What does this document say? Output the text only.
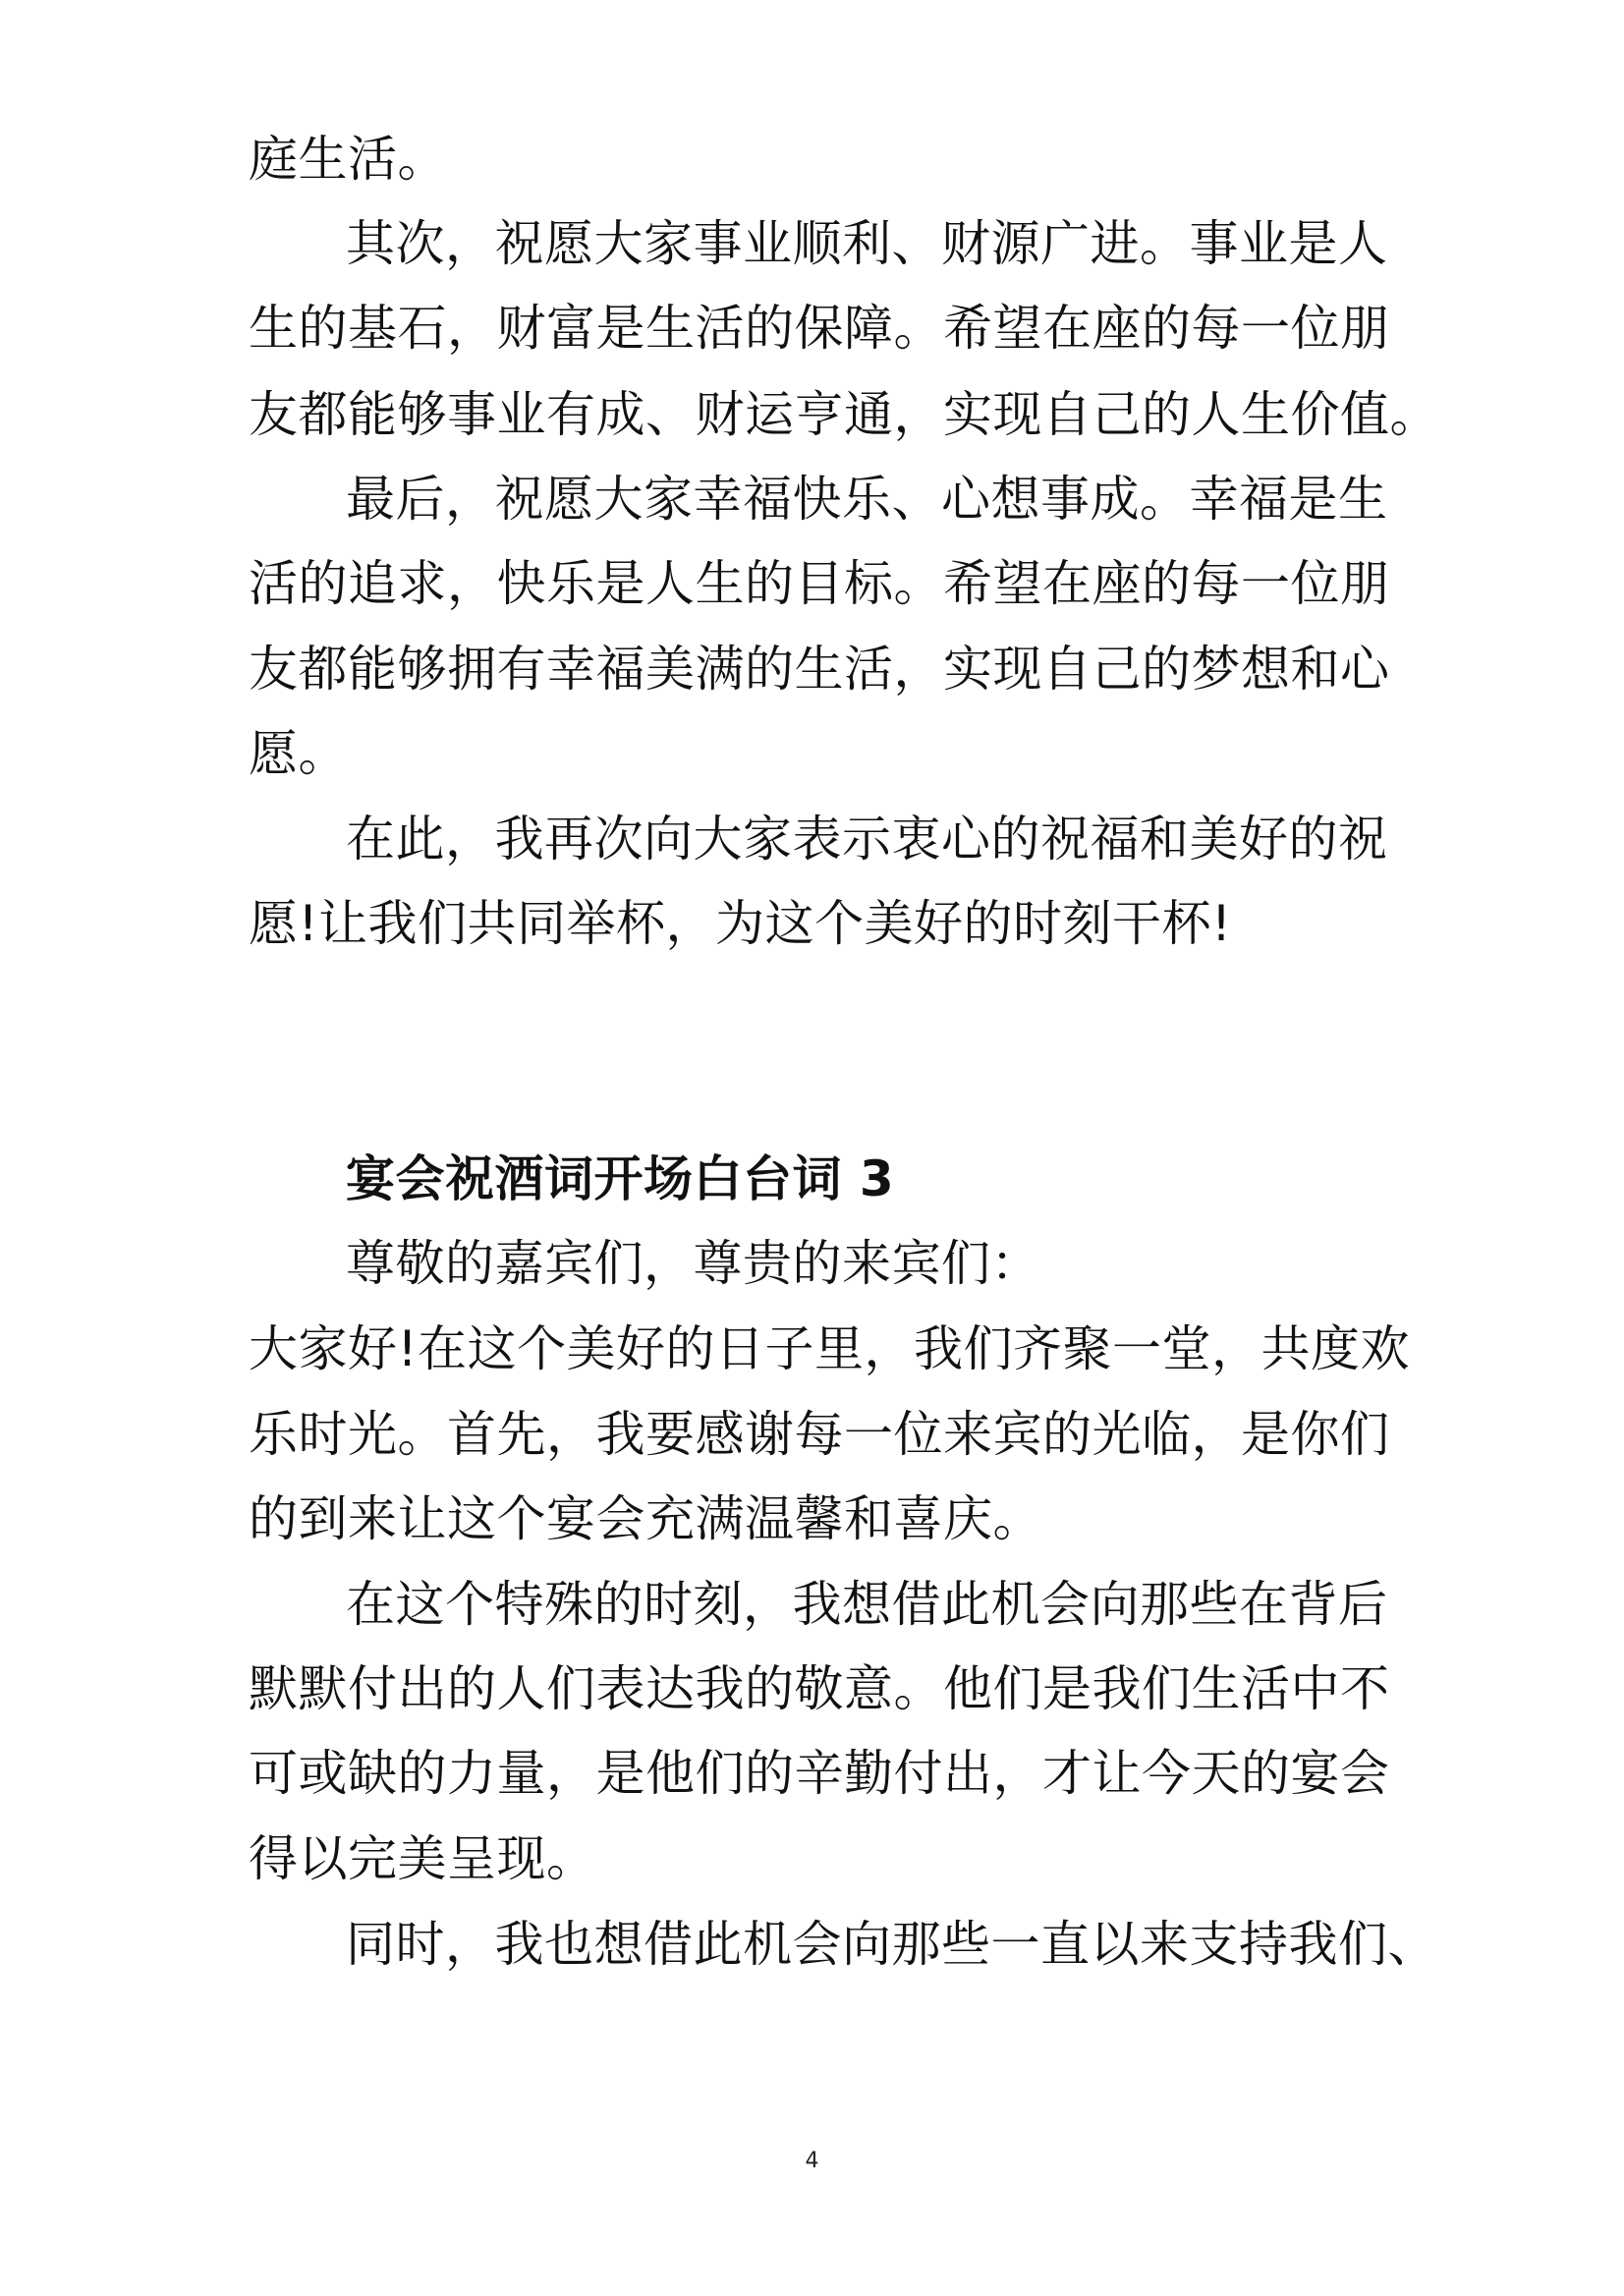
庭生活。

其次，祝愿大家事业顺利、财源广进。事业是人

生的基石，财富是生活的保障。希望在座的每一位朋

友都能够事业有成、财运亨通，实现自己的人生价值。

最后，祝愿大家幸福快乐、心想事成。幸福是生

活的追求，快乐是人生的目标。希望在座的每一位朋

友都能够拥有幸福美满的生活，实现自己的梦想和心

愿。

在此，我再次向大家表示衷心的祝福和美好的祝

愿!让我们共同举杯，为这个美好的时刻干杯!

宴会祝酒词开场白台词 3

尊敬的嘉宾们，尊贵的来宾们：

大家好!在这个美好的日子里，我们齐聚一堂，共度欢

乐时光。首先，我要感谢每一位来宾的光临，是你们

的到来让这个宴会充满温馨和喜庆。

在这个特殊的时刻，我想借此机会向那些在背后

默默付出的人们表达我的敬意。他们是我们生活中不

可或缺的力量，是他们的辛勤付出，才让今天的宴会

得以完美呈现。

同时，我也想借此机会向那些一直以来支持我们、

4
